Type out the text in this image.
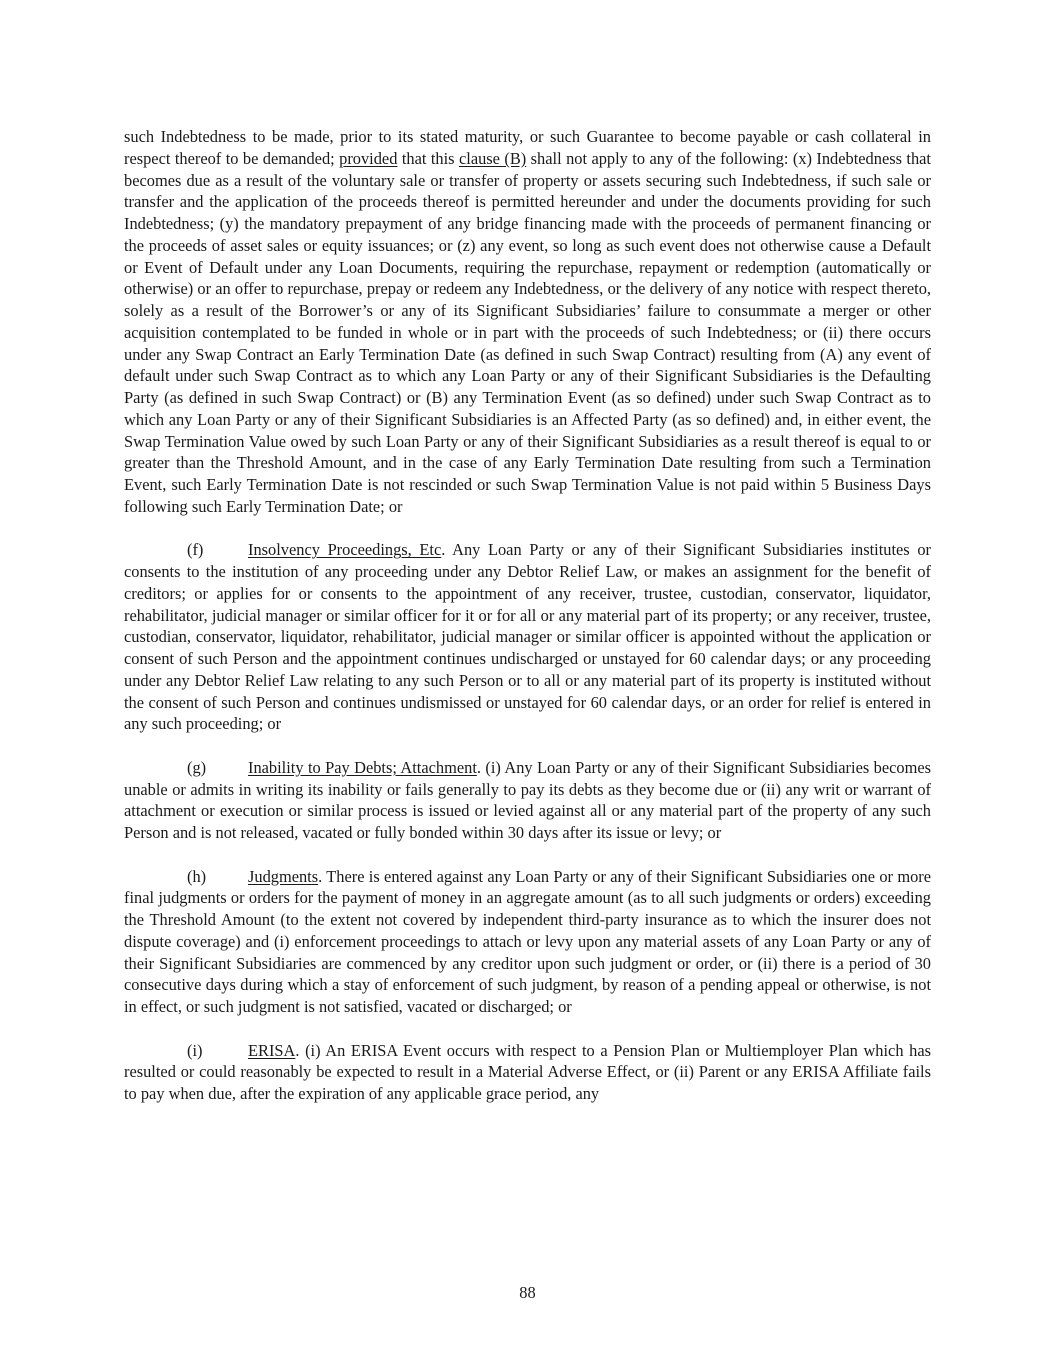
such Indebtedness to be made, prior to its stated maturity, or such Guarantee to become payable or cash collateral in respect thereof to be demanded; provided that this clause (B) shall not apply to any of the following: (x) Indebtedness that becomes due as a result of the voluntary sale or transfer of property or assets securing such Indebtedness, if such sale or transfer and the application of the proceeds thereof is permitted hereunder and under the documents providing for such Indebtedness; (y) the mandatory prepayment of any bridge financing made with the proceeds of permanent financing or the proceeds of asset sales or equity issuances; or (z) any event, so long as such event does not otherwise cause a Default or Event of Default under any Loan Documents, requiring the repurchase, repayment or redemption (automatically or otherwise) or an offer to repurchase, prepay or redeem any Indebtedness, or the delivery of any notice with respect thereto, solely as a result of the Borrower’s or any of its Significant Subsidiaries’ failure to consummate a merger or other acquisition contemplated to be funded in whole or in part with the proceeds of such Indebtedness; or (ii) there occurs under any Swap Contract an Early Termination Date (as defined in such Swap Contract) resulting from (A) any event of default under such Swap Contract as to which any Loan Party or any of their Significant Subsidiaries is the Defaulting Party (as defined in such Swap Contract) or (B) any Termination Event (as so defined) under such Swap Contract as to which any Loan Party or any of their Significant Subsidiaries is an Affected Party (as so defined) and, in either event, the Swap Termination Value owed by such Loan Party or any of their Significant Subsidiaries as a result thereof is equal to or greater than the Threshold Amount, and in the case of any Early Termination Date resulting from such a Termination Event, such Early Termination Date is not rescinded or such Swap Termination Value is not paid within 5 Business Days following such Early Termination Date; or

(f)	Insolvency Proceedings, Etc. Any Loan Party or any of their Significant Subsidiaries institutes or consents to the institution of any proceeding under any Debtor Relief Law, or makes an assignment for the benefit of creditors; or applies for or consents to the appointment of any receiver, trustee, custodian, conservator, liquidator, rehabilitator, judicial manager or similar officer for it or for all or any material part of its property; or any receiver, trustee, custodian, conservator, liquidator, rehabilitator, judicial manager or similar officer is appointed without the application or consent of such Person and the appointment continues undischarged or unstayed for 60 calendar days; or any proceeding under any Debtor Relief Law relating to any such Person or to all or any material part of its property is instituted without the consent of such Person and continues undismissed or unstayed for 60 calendar days, or an order for relief is entered in any such proceeding; or

(g)	Inability to Pay Debts; Attachment. (i) Any Loan Party or any of their Significant Subsidiaries becomes unable or admits in writing its inability or fails generally to pay its debts as they become due or (ii) any writ or warrant of attachment or execution or similar process is issued or levied against all or any material part of the property of any such Person and is not released, vacated or fully bonded within 30 days after its issue or levy; or

(h)	Judgments. There is entered against any Loan Party or any of their Significant Subsidiaries one or more final judgments or orders for the payment of money in an aggregate amount (as to all such judgments or orders) exceeding the Threshold Amount (to the extent not covered by independent third-party insurance as to which the insurer does not dispute coverage) and (i) enforcement proceedings to attach or levy upon any material assets of any Loan Party or any of their Significant Subsidiaries are commenced by any creditor upon such judgment or order, or (ii) there is a period of 30 consecutive days during which a stay of enforcement of such judgment, by reason of a pending appeal or otherwise, is not in effect, or such judgment is not satisfied, vacated or discharged; or

(i)	ERISA. (i) An ERISA Event occurs with respect to a Pension Plan or Multiemployer Plan which has resulted or could reasonably be expected to result in a Material Adverse Effect, or (ii) Parent or any ERISA Affiliate fails to pay when due, after the expiration of any applicable grace period, any

88
